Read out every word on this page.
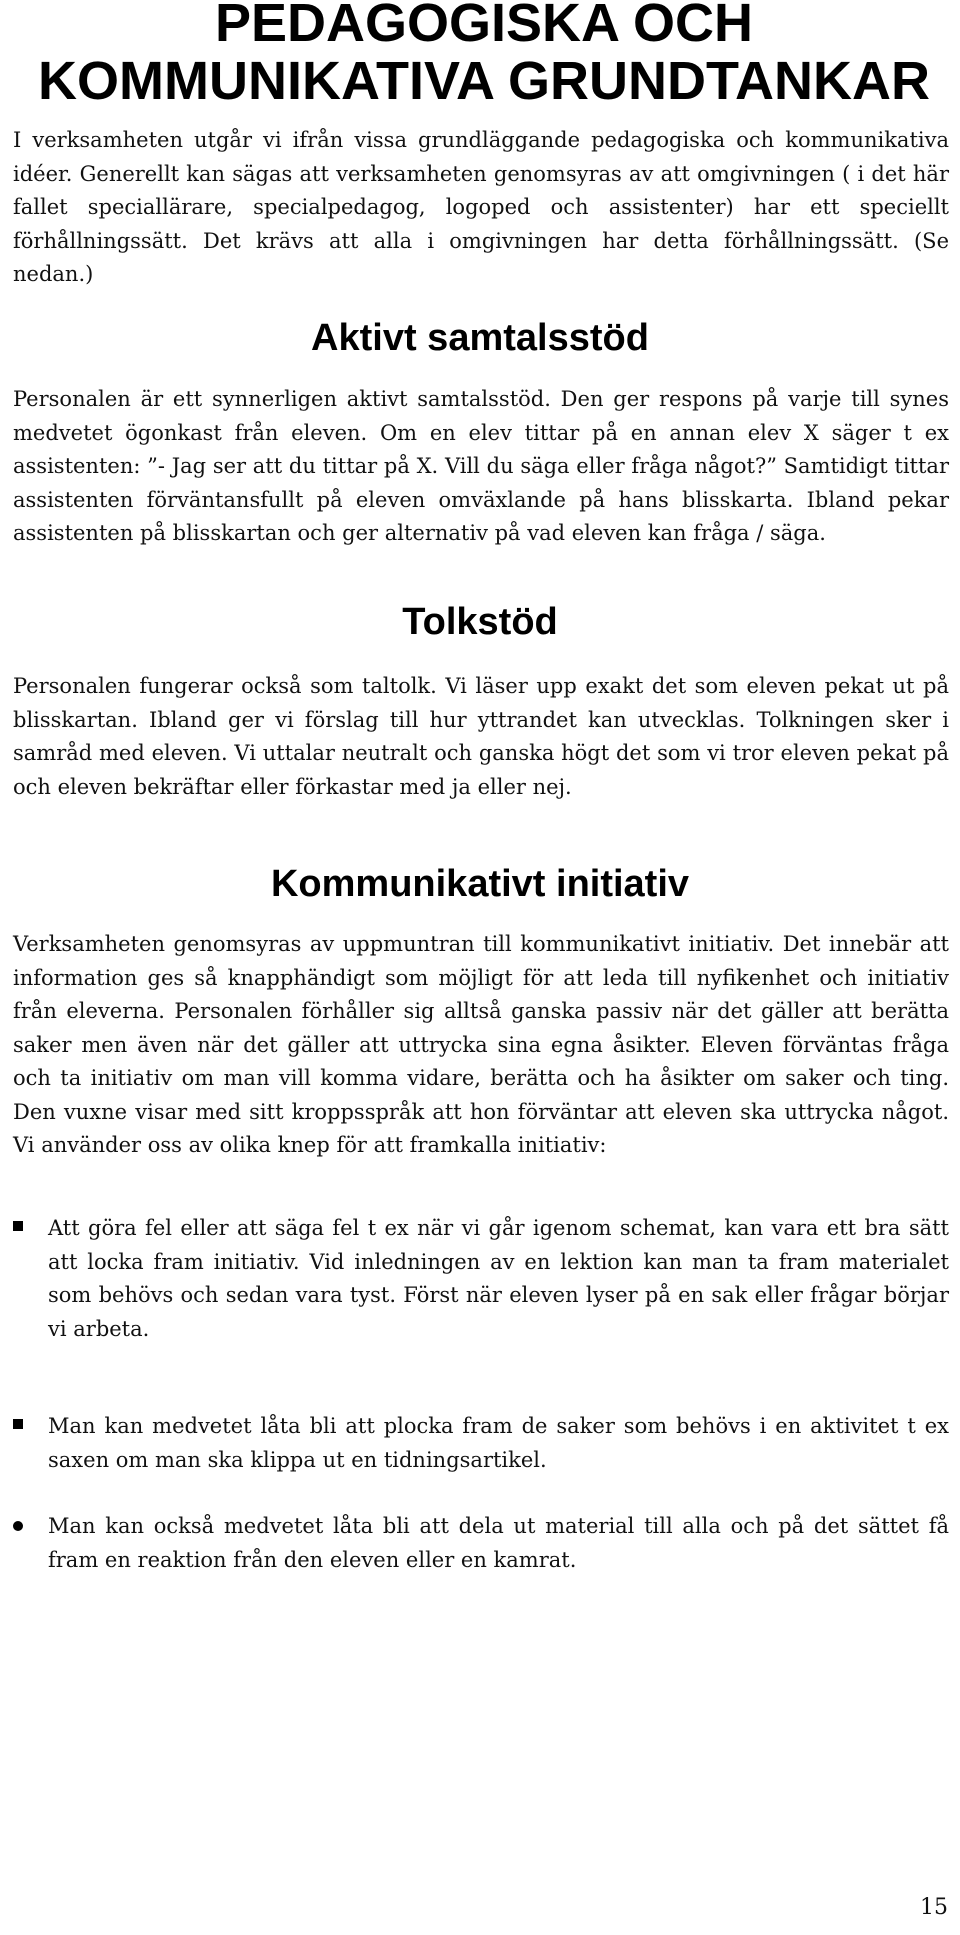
PEDAGOGISKA OCH KOMMUNIKATIVA GRUNDTANKAR

I verksamheten utgår vi ifrån vissa grundläggande pedagogiska och kommunikativa idéer. Generellt kan sägas att verksamheten genomsyras av att omgivningen ( i det här fallet speciallärare, specialpedagog, logoped och assistenter) har ett speciellt förhållningssätt. Det krävs att alla i omgivningen har detta förhållningssätt. (Se nedan.)

Aktivt samtalsstöd

Personalen är ett synnerligen aktivt samtalsstöd. Den ger respons på varje till synes medvetet ögonkast från eleven. Om en elev tittar på en annan elev X säger t ex assistenten: ”- Jag ser att du tittar på X. Vill du säga eller fråga något?” Samtidigt tittar assistenten förväntansfullt på eleven omväxlande på hans blisskarta. Ibland pekar assistenten på blisskartan och ger alternativ på vad eleven kan fråga / säga.

Tolkstöd

Personalen fungerar också som taltolk. Vi läser upp exakt det som eleven pekat ut på blisskartan. Ibland ger vi förslag till hur yttrandet kan utvecklas. Tolkningen sker i samråd med eleven. Vi uttalar neutralt och ganska högt det som vi tror eleven pekat på och eleven bekräftar eller förkastar med ja eller nej.

Kommunikativt initiativ

Verksamheten genomsyras av uppmuntran till kommunikativt initiativ. Det innebär att information ges så knapphändigt som möjligt för att leda till nyfikenhet och initiativ från eleverna. Personalen förhåller sig alltså ganska passiv när det gäller att berätta saker men även när det gäller att uttrycka sina egna åsikter. Eleven förväntas fråga och ta initiativ om man vill komma vidare, berätta och ha åsikter om saker och ting. Den vuxne visar med sitt kroppsspråk att hon förväntar att eleven ska uttrycka något. Vi använder oss av olika knep för att framkalla initiativ:

Att göra fel eller att säga fel t ex när vi går igenom schemat, kan vara ett bra sätt att locka fram initiativ. Vid inledningen av en lektion kan man ta fram materialet som behövs och sedan vara tyst. Först när eleven lyser på en sak eller frågar börjar vi arbeta.
Man kan medvetet låta bli att plocka fram de saker som behövs i en aktivitet t ex saxen om man ska klippa ut en tidningsartikel.
Man kan också medvetet låta bli att dela ut material till alla och på det sättet få fram en reaktion från den eleven eller en kamrat.
15
